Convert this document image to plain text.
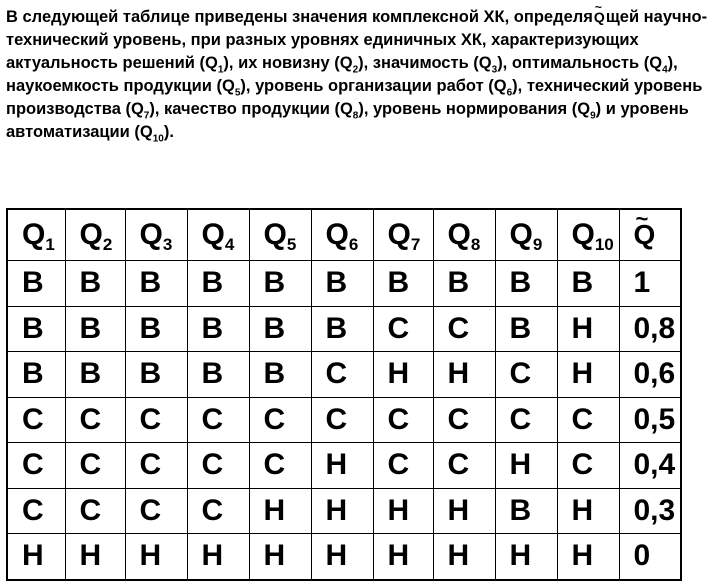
В следующей таблице приведены значения комплексной ХК, определя~ Qщей научно-технический уровень, при разных уровнях единичных ХК, характеризующих актуальность решений $(Q_1)$, их новизну $(Q_2)$, значимость $(Q_3)$, оптимальность $(Q_4)$, наукоемкость продукции $(Q_5)$, уровень организации работ $(Q_6)$, технический уровень производства $(Q_7)$, качество продукции $(Q_8)$, уровень нормирования $(Q_9)$ и уровень автоматизации $(Q_{10})$.

$Q_1$	$Q_2$	$Q_3$	$Q_4$	$Q_5$	$Q_6$	$Q_7$	$Q_8$	$Q_9$	$Q_{10}$	~ Q
В	В	В	В	В	В	В	В	В	В	1
В	В	В	В	В	В	С	С	В	Н	0,8
В	В	В	В	В	С	Н	Н	С	Н	0,6
С	С	С	С	С	С	С	С	С	С	0,5
С	С	С	С	С	Н	С	С	Н	С	0,4
С	С	С	С	Н	Н	Н	Н	В	Н	0,3
Н	Н	Н	Н	Н	Н	Н	Н	Н	Н	0
